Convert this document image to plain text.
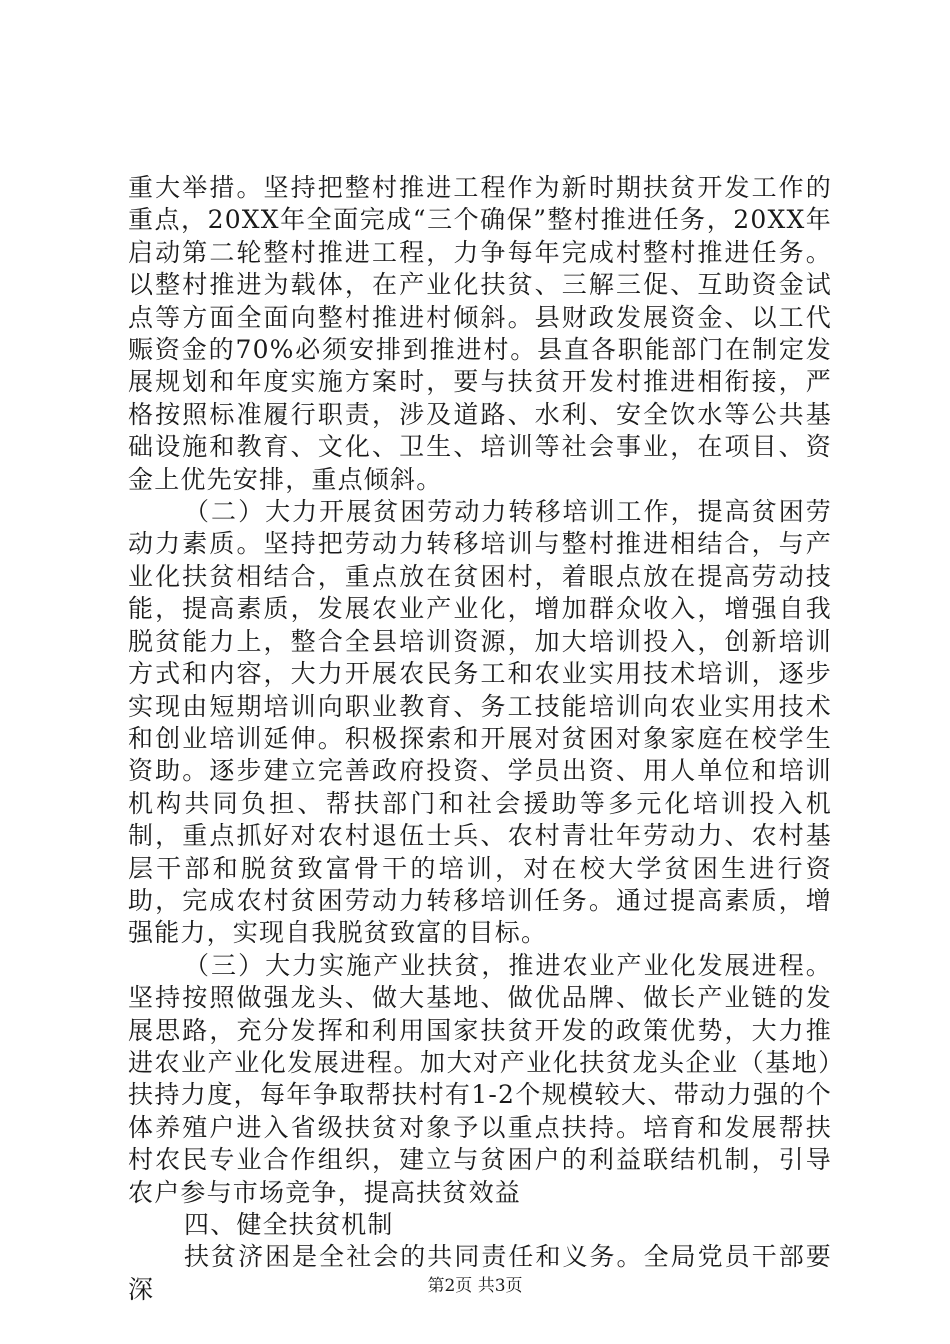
重大举措。坚持把整村推进工程作为新时期扶贫开发工作的重点，20XX年全面完成“三个确保”整村推进任务，20XX年启动第二轮整村推进工程，力争每年完成村整村推进任务。以整村推进为载体，在产业化扶贫、三解三促、互助资金试点等方面全面向整村推进村倾斜。县财政发展资金、以工代赈资金的70%必须安排到推进村。县直各职能部门在制定发展规划和年度实施方案时，要与扶贫开发村推进相衔接，严格按照标准履行职责，涉及道路、水利、安全饮水等公共基础设施和教育、文化、卫生、培训等社会事业，在项目、资金上优先安排，重点倾斜。

（二）大力开展贫困劳动力转移培训工作，提高贫困劳动力素质。坚持把劳动力转移培训与整村推进相结合，与产业化扶贫相结合，重点放在贫困村，着眼点放在提高劳动技能，提高素质，发展农业产业化，增加群众收入，增强自我脱贫能力上，整合全县培训资源，加大培训投入，创新培训方式和内容，大力开展农民务工和农业实用技术培训，逐步实现由短期培训向职业教育、务工技能培训向农业实用技术和创业培训延伸。积极探索和开展对贫困对象家庭在校学生资助。逐步建立完善政府投资、学员出资、用人单位和培训机构共同负担、帮扶部门和社会援助等多元化培训投入机制，重点抓好对农村退伍士兵、农村青壮年劳动力、农村基层干部和脱贫致富骨干的培训，对在校大学贫困生进行资助，完成农村贫困劳动力转移培训任务。通过提高素质，增强能力，实现自我脱贫致富的目标。

（三）大力实施产业扶贫，推进农业产业化发展进程。坚持按照做强龙头、做大基地、做优品牌、做长产业链的发展思路，充分发挥和利用国家扶贫开发的政策优势，大力推进农业产业化发展进程。加大对产业化扶贫龙头企业（基地）扶持力度，每年争取帮扶村有1-2个规模较大、带动力强的个体养殖户进入省级扶贫对象予以重点扶持。培育和发展帮扶村农民专业合作组织，建立与贫困户的利益联结机制，引导农户参与市场竞争，提高扶贫效益

四、健全扶贫机制

扶贫济困是全社会的共同责任和义务。全局党员干部要深	第2页 共3页
